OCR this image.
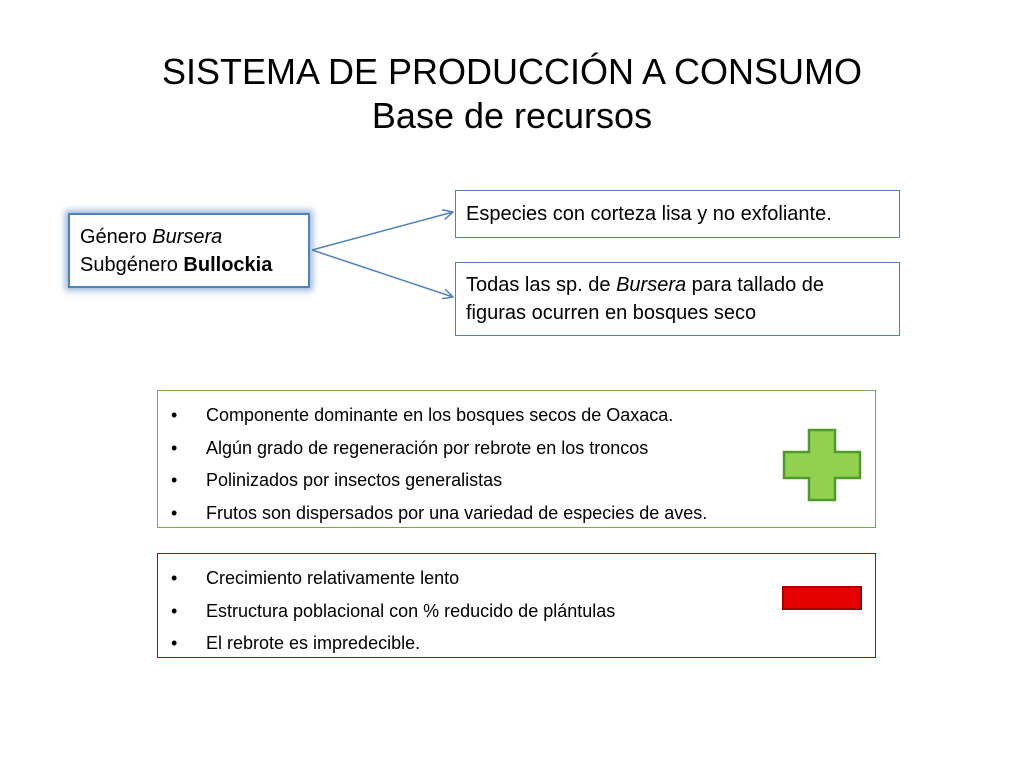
SISTEMA DE PRODUCCIÓN A CONSUMO
Base de recursos
Género Bursera
Subgénero Bullockia
Especies con corteza lisa y no exfoliante.
Todas las sp. de Bursera para tallado de figuras ocurren en bosques seco
• Componente dominante en los bosques secos de Oaxaca.
• Algún grado de regeneración por rebrote en los troncos
• Polinizados por insectos generalistas
• Frutos son dispersados por una variedad de especies de aves.
• Crecimiento relativamente lento
• Estructura poblacional con % reducido de plántulas
• El rebrote es impredecible.
